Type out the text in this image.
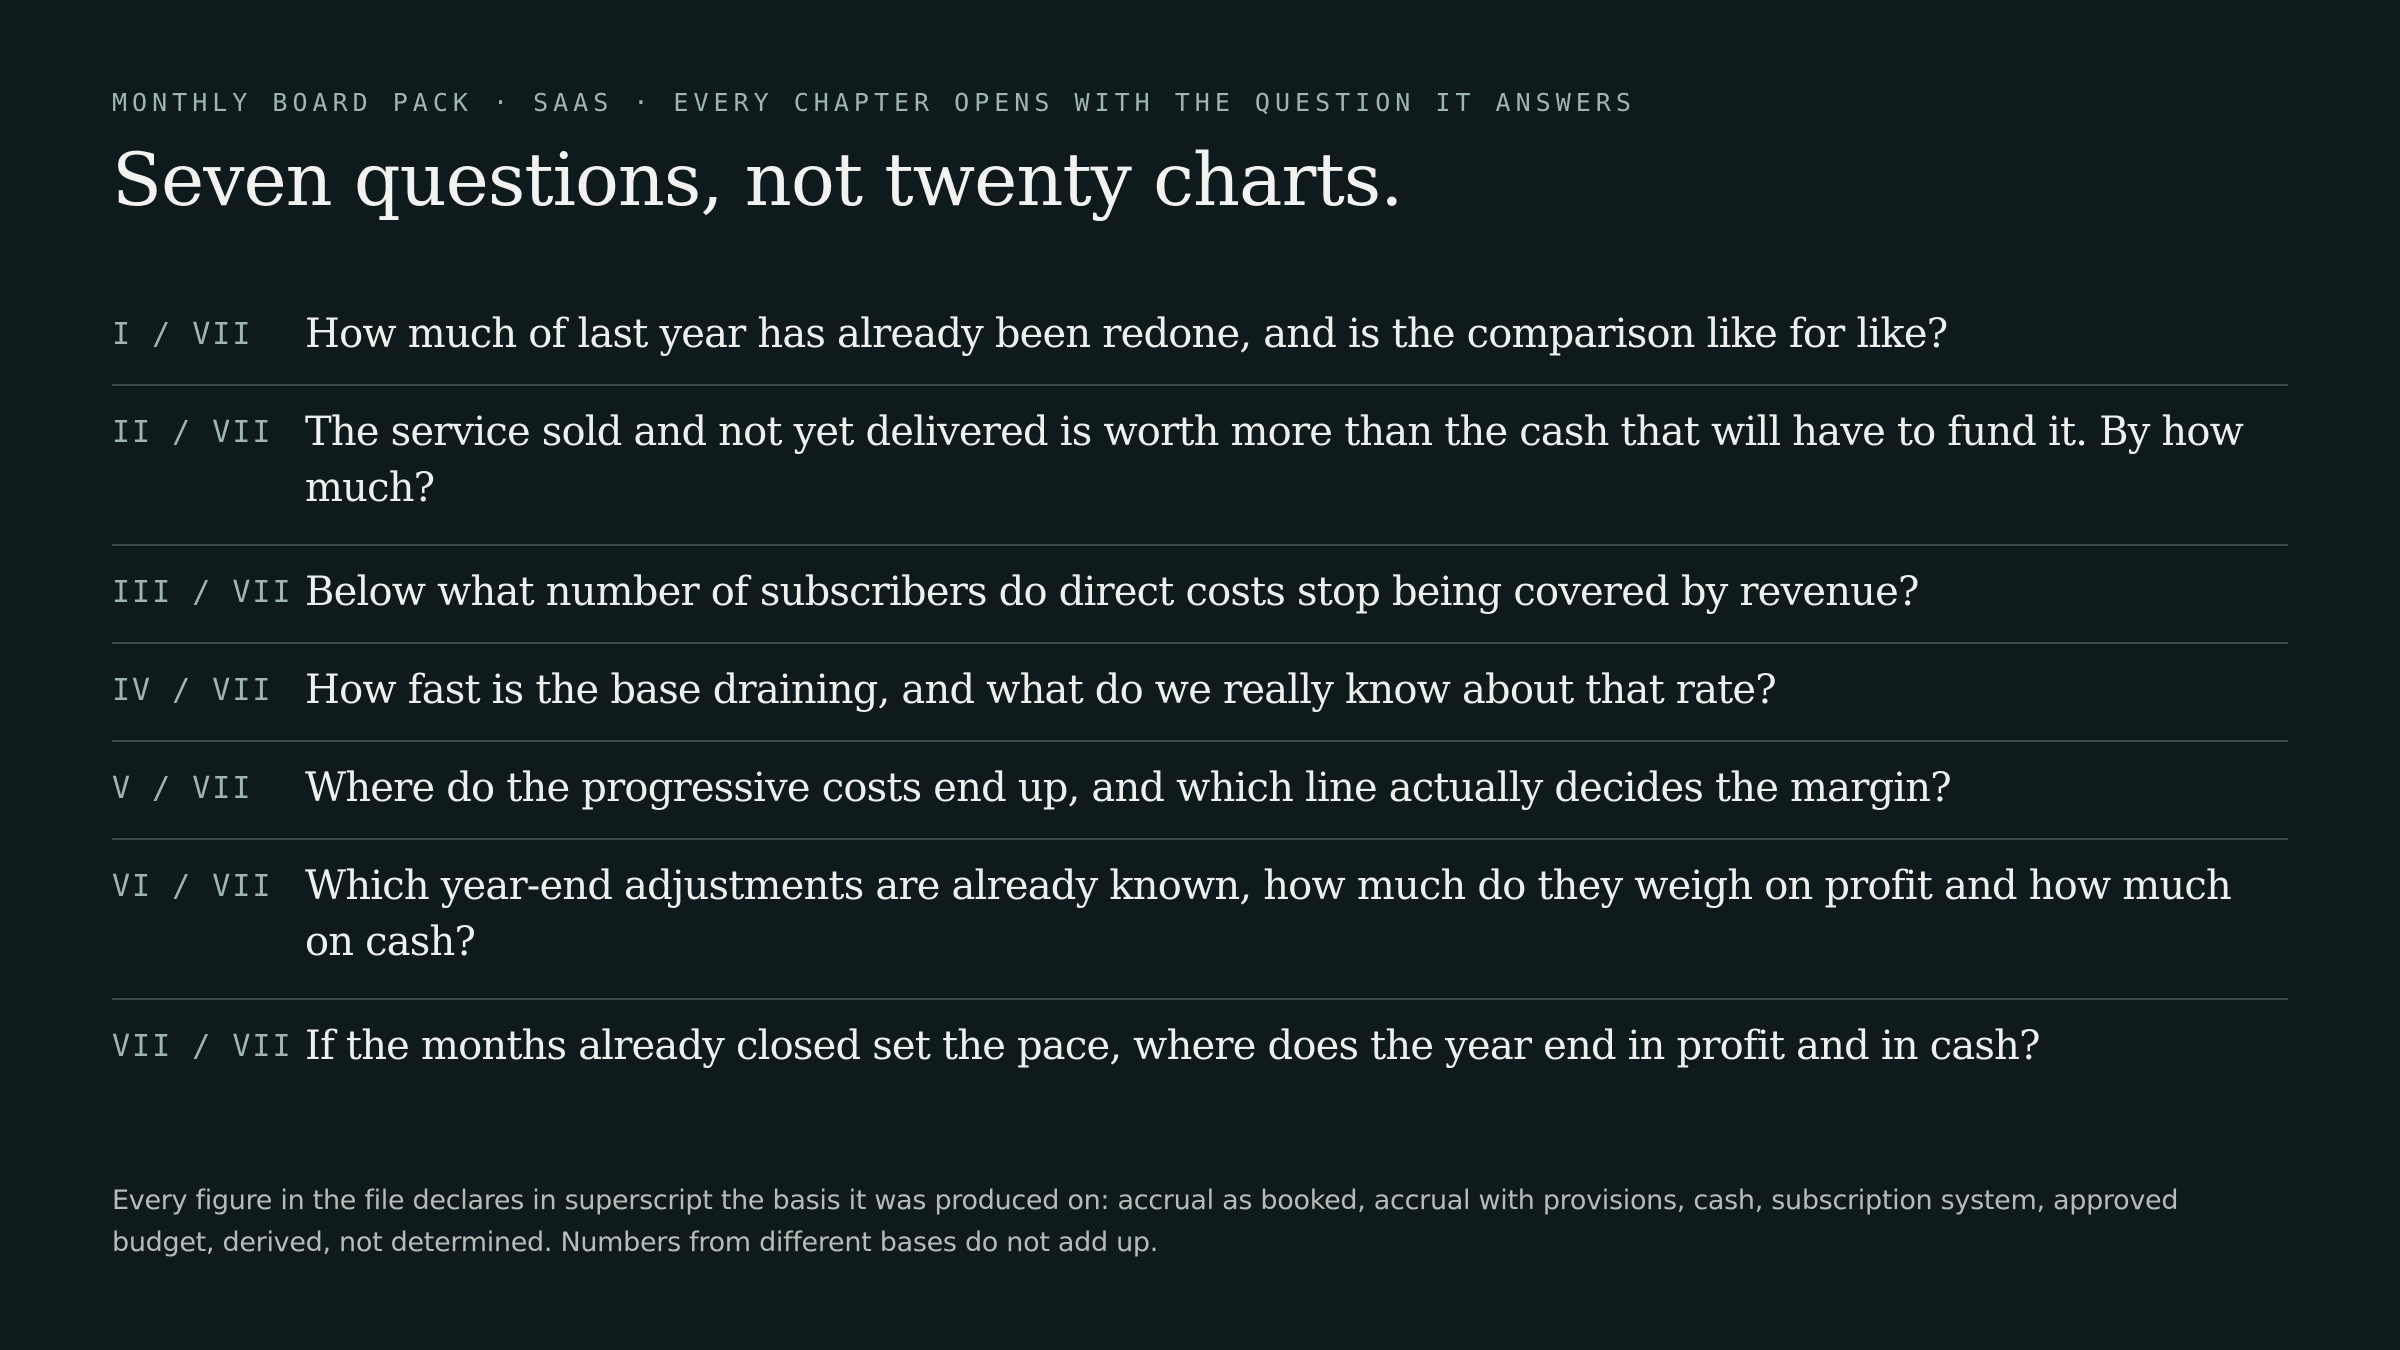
MONTHLY BOARD PACK · SAAS · EVERY CHAPTER OPENS WITH THE QUESTION IT ANSWERS
Seven questions, not twenty charts.
I / VII How much of last year has already been redone, and is the comparison like for like?
II / VII The service sold and not yet delivered is worth more than the cash that will have to fund it. By how much?
III / VII Below what number of subscribers do direct costs stop being covered by revenue?
IV / VII How fast is the base draining, and what do we really know about that rate?
V / VII Where do the progressive costs end up, and which line actually decides the margin?
VI / VII Which year-end adjustments are already known, how much do they weigh on profit and how much on cash?
VII / VII If the months already closed set the pace, where does the year end in profit and in cash?

Every figure in the file declares in superscript the basis it was produced on: accrual as booked, accrual with provisions, cash, subscription system, approved budget, derived, not determined. Numbers from different bases do not add up.
